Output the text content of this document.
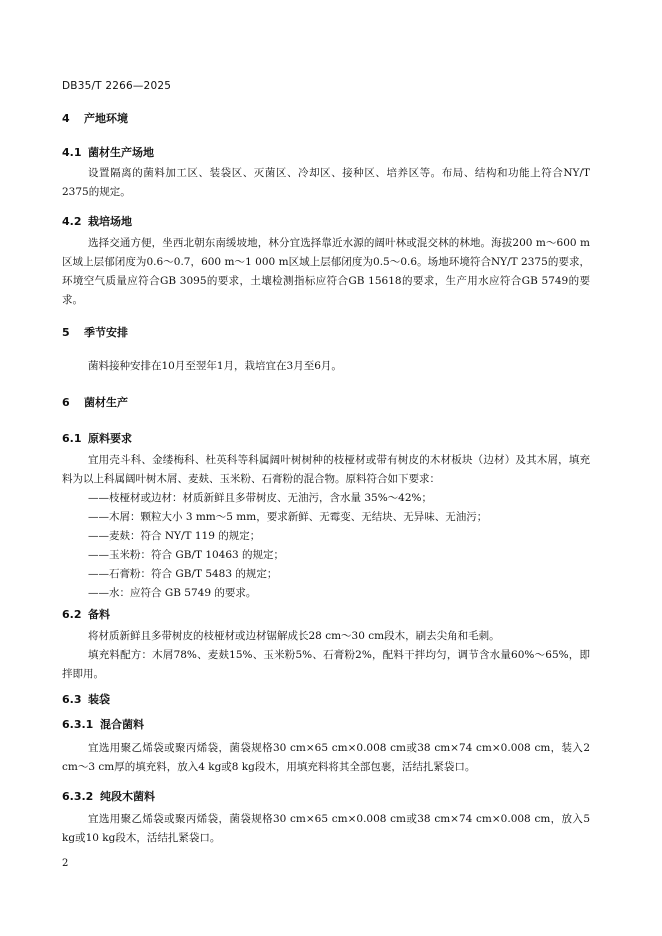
DB35/T 2266—2025
4 产地环境
4.1 菌材生产场地

设置隔离的菌料加工区、装袋区、灭菌区、冷却区、接种区、培养区等。布局、结构和功能上符合NY/T 2375的规定。

4.2 栽培场地

选择交通方便，坐西北朝东南缓坡地，林分宜选择靠近水源的阔叶林或混交林的林地。海拔200 m～600 m区域上层郁闭度为0.6～0.7，600 m～1 000 m区域上层郁闭度为0.5～0.6。场地环境符合NY/T 2375的要求，环境空气质量应符合GB 3095的要求，土壤检测指标应符合GB 15618的要求，生产用水应符合GB 5749的要求。

5 季节安排

菌料接种安排在10月至翌年1月，栽培宜在3月至6月。

6 菌材生产
6.1 原料要求

宜用壳斗科、金缕梅科、杜英科等科属阔叶树树种的枝桠材或带有树皮的木材板块（边材）及其木屑，填充料为以上科属阔叶树木屑、麦麸、玉米粉、石膏粉的混合物。原料符合如下要求：

——枝桠材或边材：材质新鲜且多带树皮、无油污，含水量 35%～42%；
——木屑：颗粒大小 3 mm～5 mm，要求新鲜、无霉变、无结块、无异味、无油污；
——麦麸：符合 NY/T 119 的规定；
——玉米粉：符合 GB/T 10463 的规定；
——石膏粉：符合 GB/T 5483 的规定；
——水：应符合 GB 5749 的要求。
6.2 备料

将材质新鲜且多带树皮的枝桠材或边材锯解成长28 cm～30 cm段木，刷去尖角和毛刺。

填充料配方：木屑78%、麦麸15%、玉米粉5%、石膏粉2%，配料干拌均匀，调节含水量60%～65%，即拌即用。

6.3 装袋
6.3.1 混合菌料

宜选用聚乙烯袋或聚丙烯袋，菌袋规格30 cm×65 cm×0.008 cm或38 cm×74 cm×0.008 cm，装入2 cm～3 cm厚的填充料，放入4 kg或8 kg段木，用填充料将其全部包裹，活结扎紧袋口。

6.3.2 纯段木菌料

宜选用聚乙烯袋或聚丙烯袋，菌袋规格30 cm×65 cm×0.008 cm或38 cm×74 cm×0.008 cm，放入5 kg或10 kg段木，活结扎紧袋口。

2
